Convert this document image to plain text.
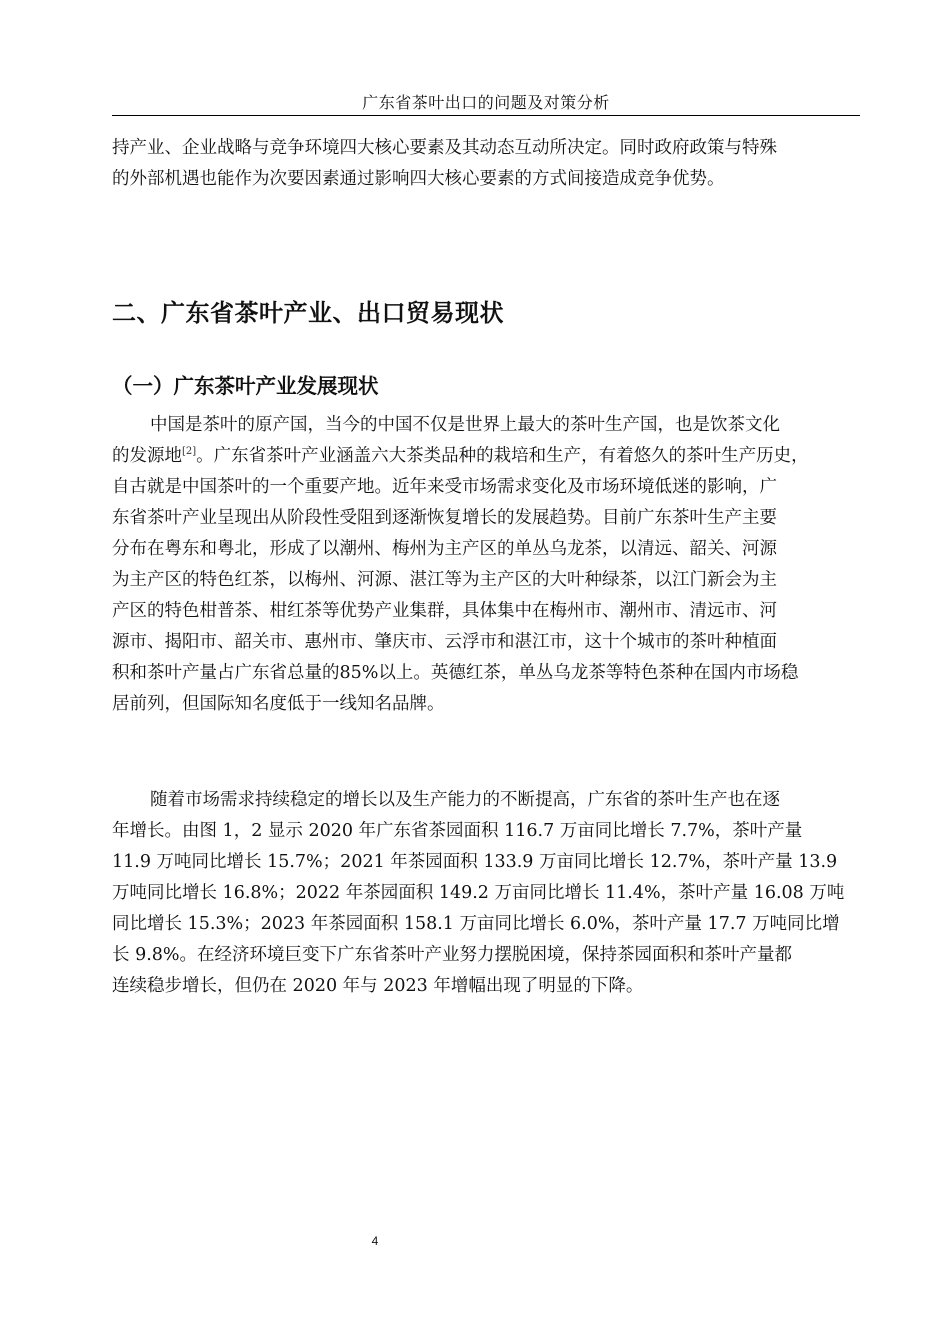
广东省茶叶出口的问题及对策分析
持产业、企业战略与竞争环境四大核心要素及其动态互动所决定。同时政府政策与特殊
的外部机遇也能作为次要因素通过影响四大核心要素的方式间接造成竞争优势。
二、广东省茶叶产业、出口贸易现状
（一）广东茶叶产业发展现状
中国是茶叶的原产国，当今的中国不仅是世界上最大的茶叶生产国，也是饮茶文化
的发源地[2]。广东省茶叶产业涵盖六大茶类品种的栽培和生产，有着悠久的茶叶生产历史，
自古就是中国茶叶的一个重要产地。近年来受市场需求变化及市场环境低迷的影响，广
东省茶叶产业呈现出从阶段性受阻到逐渐恢复增长的发展趋势。目前广东茶叶生产主要
分布在粤东和粤北，形成了以潮州、梅州为主产区的单丛乌龙茶，以清远、韶关、河源
为主产区的特色红茶，以梅州、河源、湛江等为主产区的大叶种绿茶，以江门新会为主
产区的特色柑普茶、柑红茶等优势产业集群，具体集中在梅州市、潮州市、清远市、河
源市、揭阳市、韶关市、惠州市、肇庆市、云浮市和湛江市，这十个城市的茶叶种植面
积和茶叶产量占广东省总量的85%以上。英德红茶，单丛乌龙茶等特色茶种在国内市场稳
居前列，但国际知名度低于一线知名品牌。
随着市场需求持续稳定的增长以及生产能力的不断提高，广东省的茶叶生产也在逐
年增长。由图 1，2 显示 2020 年广东省茶园面积 116.7 万亩同比增长 7.7%，茶叶产量
11.9 万吨同比增长 15.7%；2021 年茶园面积 133.9 万亩同比增长 12.7%，茶叶产量 13.9
万吨同比增长 16.8%；2022 年茶园面积 149.2 万亩同比增长 11.4%，茶叶产量 16.08 万吨
同比增长 15.3%；2023 年茶园面积 158.1 万亩同比增长 6.0%，茶叶产量 17.7 万吨同比增
长 9.8%。在经济环境巨变下广东省茶叶产业努力摆脱困境，保持茶园面积和茶叶产量都
连续稳步增长，但仍在 2020 年与 2023 年增幅出现了明显的下降。
4
